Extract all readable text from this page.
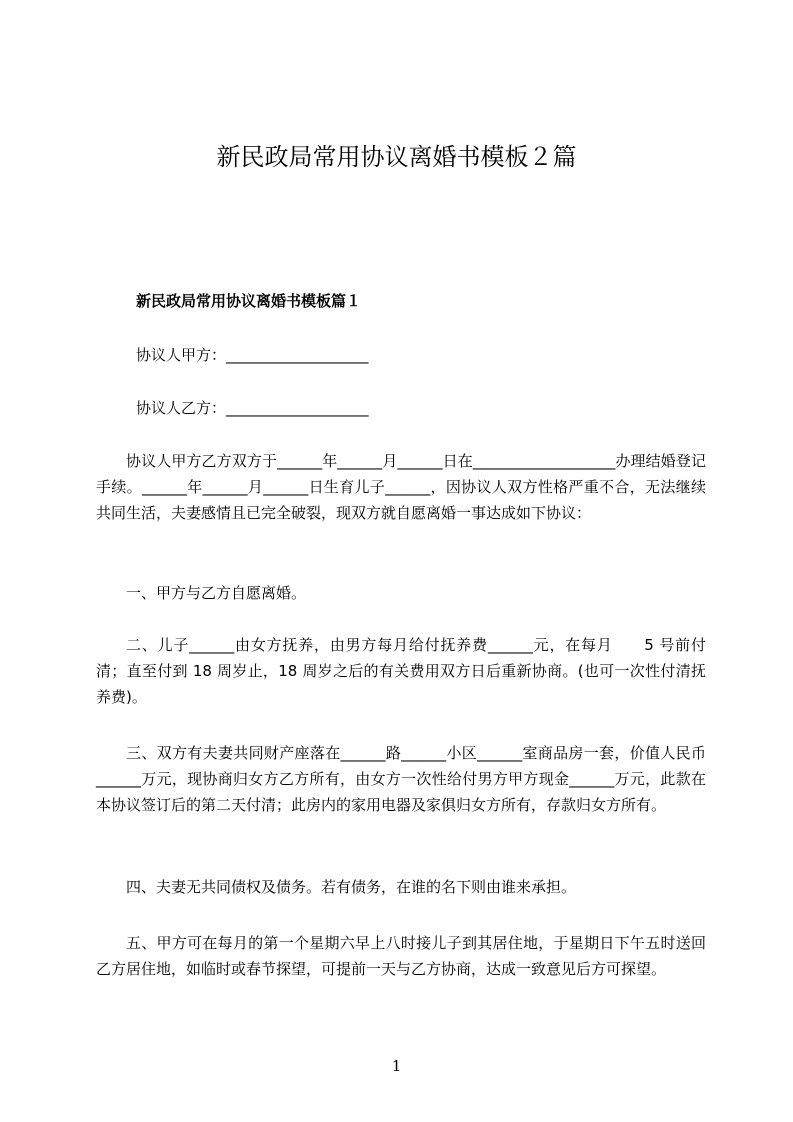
新民政局常用协议离婚书模板２篇
新民政局常用协议离婚书模板篇１
协议人甲方：___________________
协议人乙方：___________________

协议人甲方乙方双方于______年______月______日在___________________办理结婚登记手续。______年______月______日生育儿子______，因协议人双方性格严重不合，无法继续共同生活，夫妻感情且已完全破裂，现双方就自愿离婚一事达成如下协议：

一、甲方与乙方自愿离婚。

二、儿子______由女方抚养，由男方每月给付抚养费______元，在每月　　5 号前付清；直至付到 18 周岁止，18 周岁之后的有关费用双方日后重新协商。(也可一次性付清抚养费)。

三、双方有夫妻共同财产座落在______路______小区______室商品房一套，价值人民币______万元，现协商归女方乙方所有，由女方一次性给付男方甲方现金______万元，此款在本协议签订后的第二天付清；此房内的家用电器及家俱归女方所有，存款归女方所有。

四、夫妻无共同债权及债务。若有债务，在谁的名下则由谁来承担。

五、甲方可在每月的第一个星期六早上八时接儿子到其居住地，于星期日下午五时送回乙方居住地，如临时或春节探望，可提前一天与乙方协商，达成一致意见后方可探望。

1
